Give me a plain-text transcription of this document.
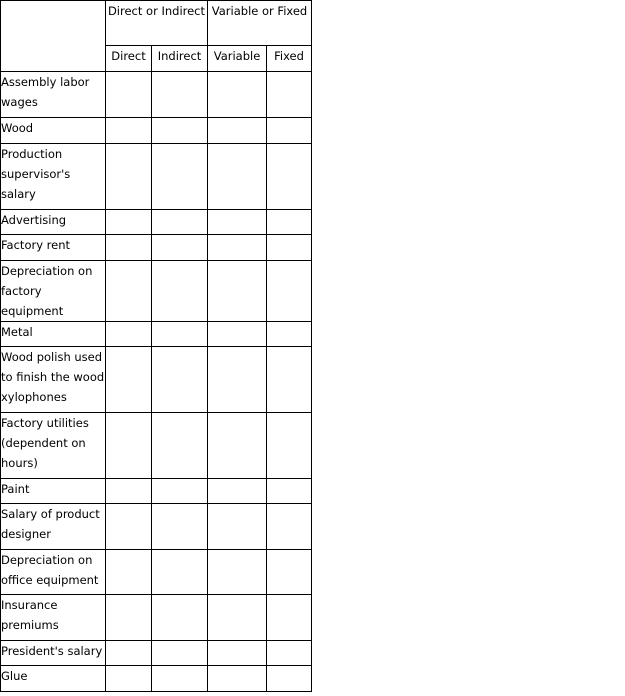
	Direct or Indirect		Variable or Fixed	
	Direct	Indirect	Variable	Fixed
Assembly labor wages				
Wood				
Production supervisor's salary				
Advertising				
Factory rent				
Depreciation on factory equipment				
Metal				
Wood polish used to finish the wood xylophones				
Factory utilities (dependent on hours)				
Paint				
Salary of product designer				
Depreciation on office equipment				
Insurance premiums				
President's salary				
Glue				
